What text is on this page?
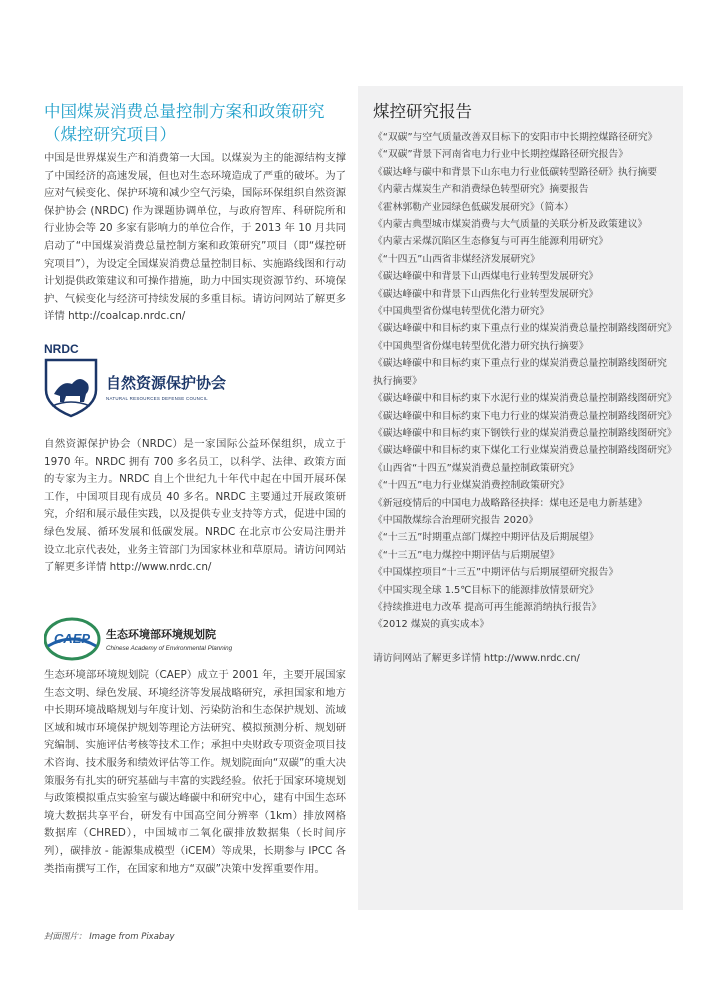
中国煤炭消费总量控制方案和政策研究
（煤控研究项目）

中国是世界煤炭生产和消费第一大国。以煤炭为主的能源结构支撑了中国经济的高速发展，但也对生态环境造成了严重的破坏。为了应对气候变化、保护环境和减少空气污染，国际环保组织自然资源保护协会 (NRDC) 作为课题协调单位，与政府智库、科研院所和行业协会等 20 多家有影响力的单位合作，于 2013 年 10 月共同启动了“中国煤炭消费总量控制方案和政策研究”项目（即“煤控研究项目”），为设定全国煤炭消费总量控制目标、实施路线图和行动计划提供政策建议和可操作措施，助力中国实现资源节约、环境保护、气候变化与经济可持续发展的多重目标。请访问网站了解更多详情 http://coalcap.nrdc.cn/

NRDC
自然资源保护协会
NATURAL RESOURCES DEFENSE COUNCIL

自然资源保护协会（NRDC）是一家国际公益环保组织，成立于 1970 年。NRDC 拥有 700 多名员工，以科学、法律、政策方面的专家为主力。NRDC 自上个世纪九十年代中起在中国开展环保工作，中国项目现有成员 40 多名。NRDC 主要通过开展政策研究，介绍和展示最佳实践，以及提供专业支持等方式，促进中国的绿色发展、循环发展和低碳发展。NRDC 在北京市公安局注册并设立北京代表处，业务主管部门为国家林业和草原局。请访问网站了解更多详情 http://www.nrdc.cn/

CAEP 生态环境部环境规划院
Chinese Academy of Environmental Planning

生态环境部环境规划院（CAEP）成立于 2001 年，主要开展国家生态文明、绿色发展、环境经济等发展战略研究，承担国家和地方中长期环境战略规划与年度计划、污染防治和生态保护规划、流域区域和城市环境保护规划等理论方法研究、模拟预测分析、规划研究编制、实施评估考核等技术工作；承担中央财政专项资金项目技术咨询、技术服务和绩效评估等工作。规划院面向“双碳”的重大决策服务有扎实的研究基础与丰富的实践经验。依托于国家环境规划与政策模拟重点实验室与碳达峰碳中和研究中心，建有中国生态环境大数据共享平台，研发有中国高空间分辨率（1km）排放网格数据库（CHRED），中国城市二氧化碳排放数据集（长时间序列），碳排放 - 能源集成模型（iCEM）等成果，长期参与 IPCC 各类指南撰写工作，在国家和地方“双碳”决策中发挥重要作用。

封面图片： Image from Pixabay
煤控研究报告
《“双碳”与空气质量改善双目标下的安阳市中长期控煤路径研究》
《“双碳”背景下河南省电力行业中长期控煤路径研究报告》
《碳达峰与碳中和背景下山东电力行业低碳转型路径研》执行摘要
《内蒙古煤炭生产和消费绿色转型研究》摘要报告
《霍林郭勒产业园绿色低碳发展研究》（简本）
《内蒙古典型城市煤炭消费与大气质量的关联分析及政策建议》
《内蒙古采煤沉陷区生态修复与可再生能源利用研究》
《“十四五”山西省非煤经济发展研究》
《碳达峰碳中和背景下山西煤电行业转型发展研究》
《碳达峰碳中和背景下山西焦化行业转型发展研究》
《中国典型省份煤电转型优化潜力研究》
《碳达峰碳中和目标约束下重点行业的煤炭消费总量控制路线图研究》
《中国典型省份煤电转型优化潜力研究执行摘要》
《碳达峰碳中和目标约束下重点行业的煤炭消费总量控制路线图研究执行摘要》
《碳达峰碳中和目标约束下水泥行业的煤炭消费总量控制路线图研究》
《碳达峰碳中和目标约束下电力行业的煤炭消费总量控制路线图研究》
《碳达峰碳中和目标约束下钢铁行业的煤炭消费总量控制路线图研究》
《碳达峰碳中和目标约束下煤化工行业煤炭消费总量控制路线图研究》
《山西省“十四五”煤炭消费总量控制政策研究》
《“十四五”电力行业煤炭消费控制政策研究》
《新冠疫情后的中国电力战略路径抉择：煤电还是电力新基建》
《中国散煤综合治理研究报告 2020》
《“十三五”时期重点部门煤控中期评估及后期展望》
《“十三五”电力煤控中期评估与后期展望》
《中国煤控项目“十三五”中期评估与后期展望研究报告》
《中国实现全球 1.5℃目标下的能源排放情景研究》
《持续推进电力改革 提高可再生能源消纳执行报告》
《2012 煤炭的真实成本》
请访问网站了解更多详情 http://www.nrdc.cn/
